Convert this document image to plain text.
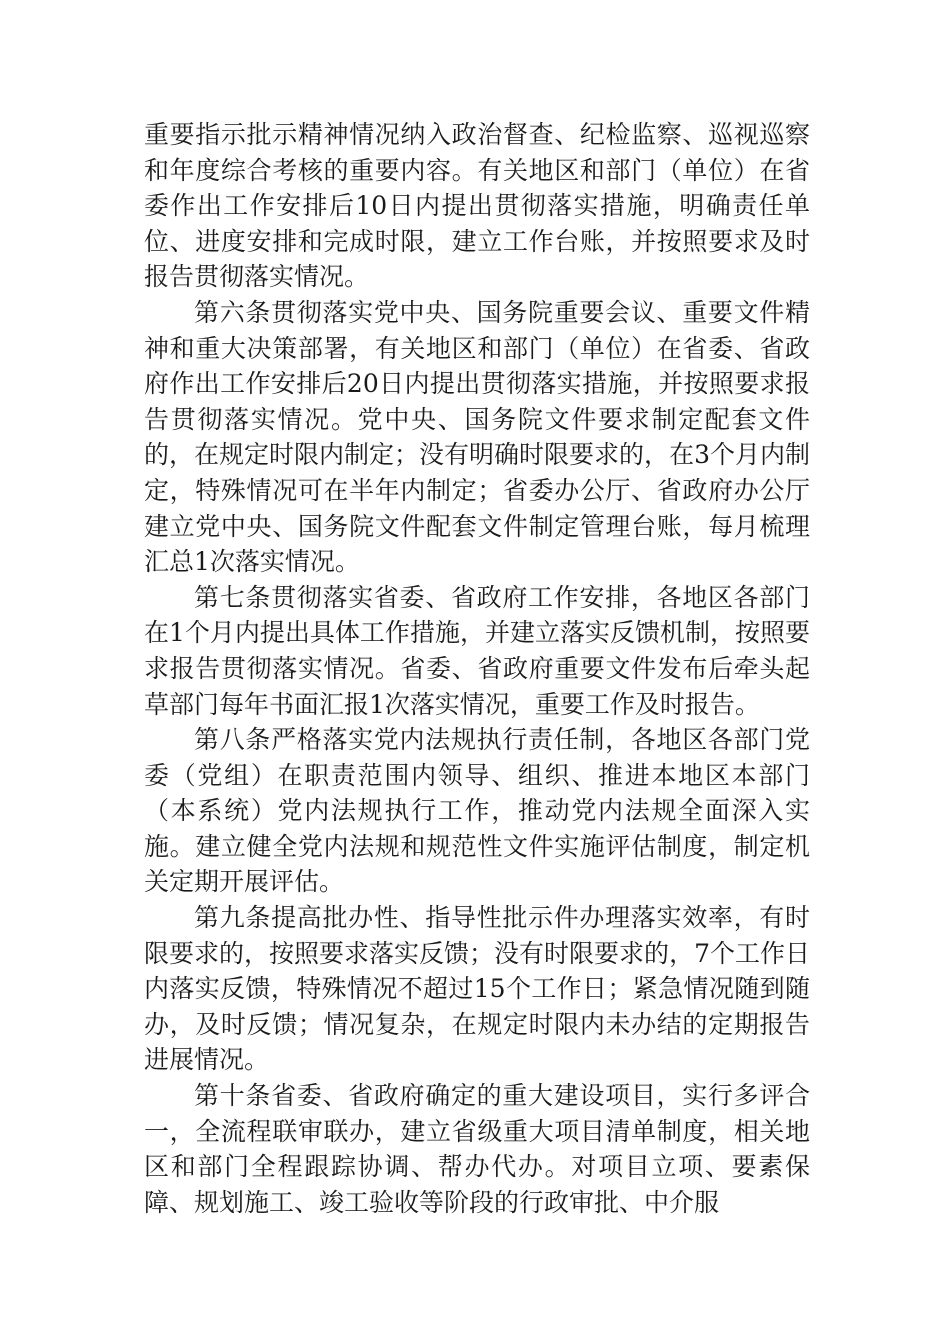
重要指示批示精神情况纳入政治督查、纪检监察、巡视巡察和年度综合考核的重要内容。有关地区和部门（单位）在省委作出工作安排后10日内提出贯彻落实措施，明确责任单位、进度安排和完成时限，建立工作台账，并按照要求及时报告贯彻落实情况。

第六条贯彻落实党中央、国务院重要会议、重要文件精神和重大决策部署，有关地区和部门（单位）在省委、省政府作出工作安排后20日内提出贯彻落实措施，并按照要求报告贯彻落实情况。党中央、国务院文件要求制定配套文件的，在规定时限内制定；没有明确时限要求的，在3个月内制定，特殊情况可在半年内制定；省委办公厅、省政府办公厅建立党中央、国务院文件配套文件制定管理台账，每月梳理汇总1次落实情况。

第七条贯彻落实省委、省政府工作安排，各地区各部门在1个月内提出具体工作措施，并建立落实反馈机制，按照要求报告贯彻落实情况。省委、省政府重要文件发布后牵头起草部门每年书面汇报1次落实情况，重要工作及时报告。

第八条严格落实党内法规执行责任制，各地区各部门党委（党组）在职责范围内领导、组织、推进本地区本部门（本系统）党内法规执行工作，推动党内法规全面深入实施。建立健全党内法规和规范性文件实施评估制度，制定机关定期开展评估。

第九条提高批办性、指导性批示件办理落实效率，有时限要求的，按照要求落实反馈；没有时限要求的，7个工作日内落实反馈，特殊情况不超过15个工作日；紧急情况随到随办，及时反馈；情况复杂，在规定时限内未办结的定期报告进展情况。

第十条省委、省政府确定的重大建设项目，实行多评合一，全流程联审联办，建立省级重大项目清单制度，相关地区和部门全程跟踪协调、帮办代办。对项目立项、要素保障、规划施工、竣工验收等阶段的行政审批、中介服
